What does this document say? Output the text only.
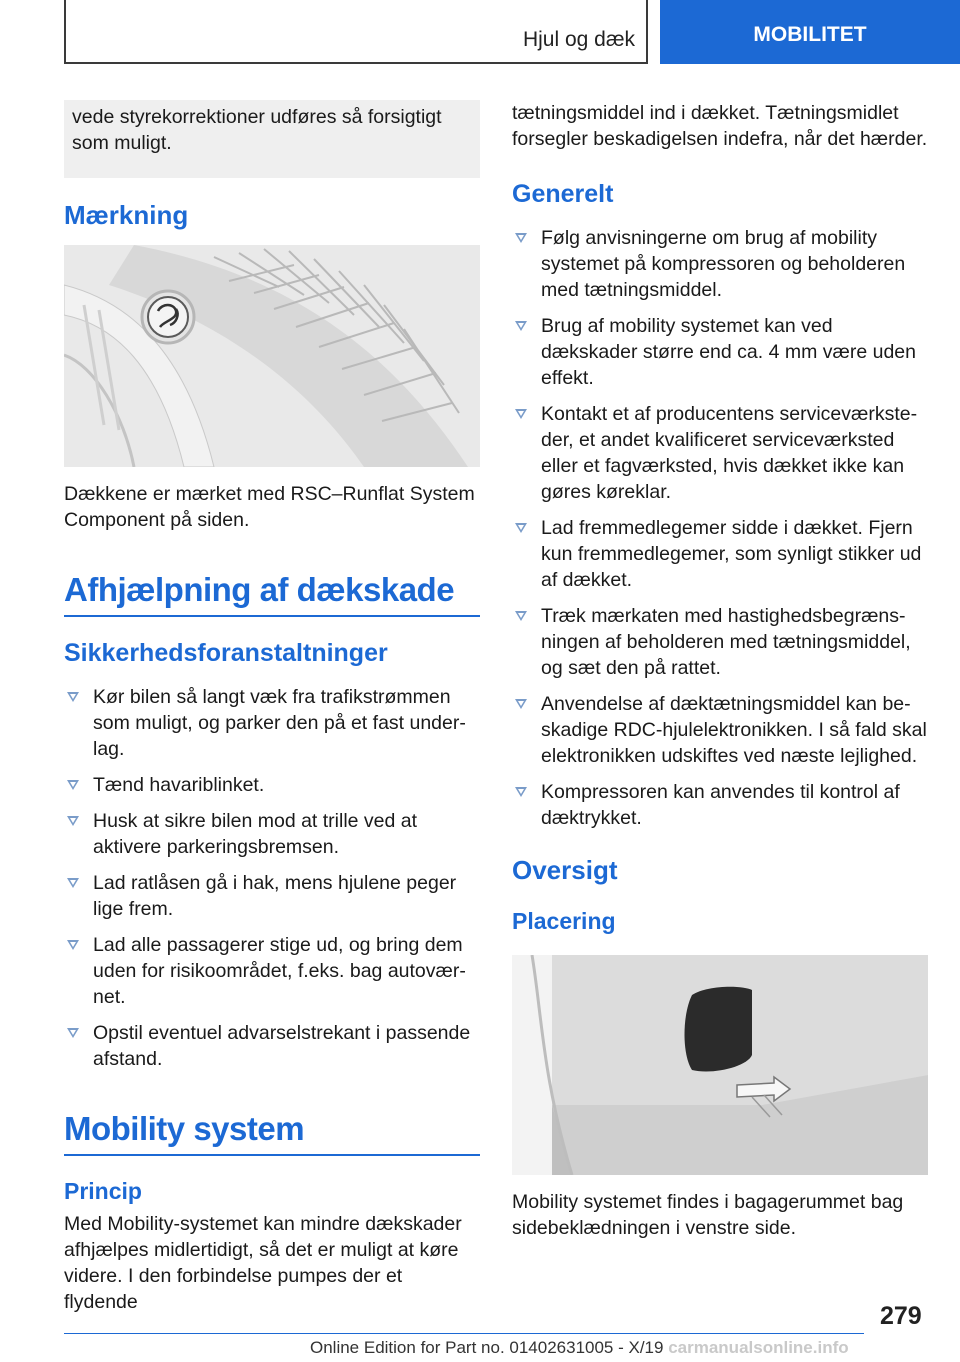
Hjul og dæk	MOBILITET
vede styrekorrektioner udføres så forsigtigt som muligt.
Mærkning

Dækkene er mærket med RSC–Runflat System Component på siden.

Afhjælpning af dækskade
Sikkerhedsforanstaltninger
Kør bilen så langt væk fra trafikstrømmen som muligt, og parker den på et fast underlag.
Tænd havariblinket.
Husk at sikre bilen mod at trille ved at aktivere parkeringsbremsen.
Lad ratlåsen gå i hak, mens hjulene peger lige frem.
Lad alle passagerer stige ud, og bring dem uden for risikoområdet, f.eks. bag autoværnet.
Opstil eventuel advarselstrekant i passende afstand.
Mobility system
Princip

Med Mobility-systemet kan mindre dækskader afhjælpes midlertidigt, så det er muligt at køre videre. I den forbindelse pumpes der et flydende

tætningsmiddel ind i dækket. Tætningsmidlet forsegler beskadigelsen indefra, når det hærder.

Generelt
Følg anvisningerne om brug af mobility systemet på kompressoren og beholderen med tætningsmiddel.
Brug af mobility systemet kan ved dækskader større end ca. 4 mm være uden effekt.
Kontakt et af producentens serviceværksteder, et andet kvalificeret serviceværksted eller et fagværksted, hvis dækket ikke kan gøres køreklar.
Lad fremmedlegemer sidde i dækket. Fjern kun fremmedlegemer, som synligt stikker ud af dækket.
Træk mærkaten med hastighedsbegrænsningen af beholderen med tætningsmiddel, og sæt den på rattet.
Anvendelse af dæktætningsmiddel kan beskadige RDC-hjulelektronikken. I så fald skal elektronikken udskiftes ved næste lejlighed.
Kompressoren kan anvendes til kontrol af dæktrykket.
Oversigt
Placering

Mobility systemet findes i bagagerummet bag sidebeklædningen i venstre side.

279
Online Edition for Part no. 01402631005 - X/19 carmanualsonline.info
